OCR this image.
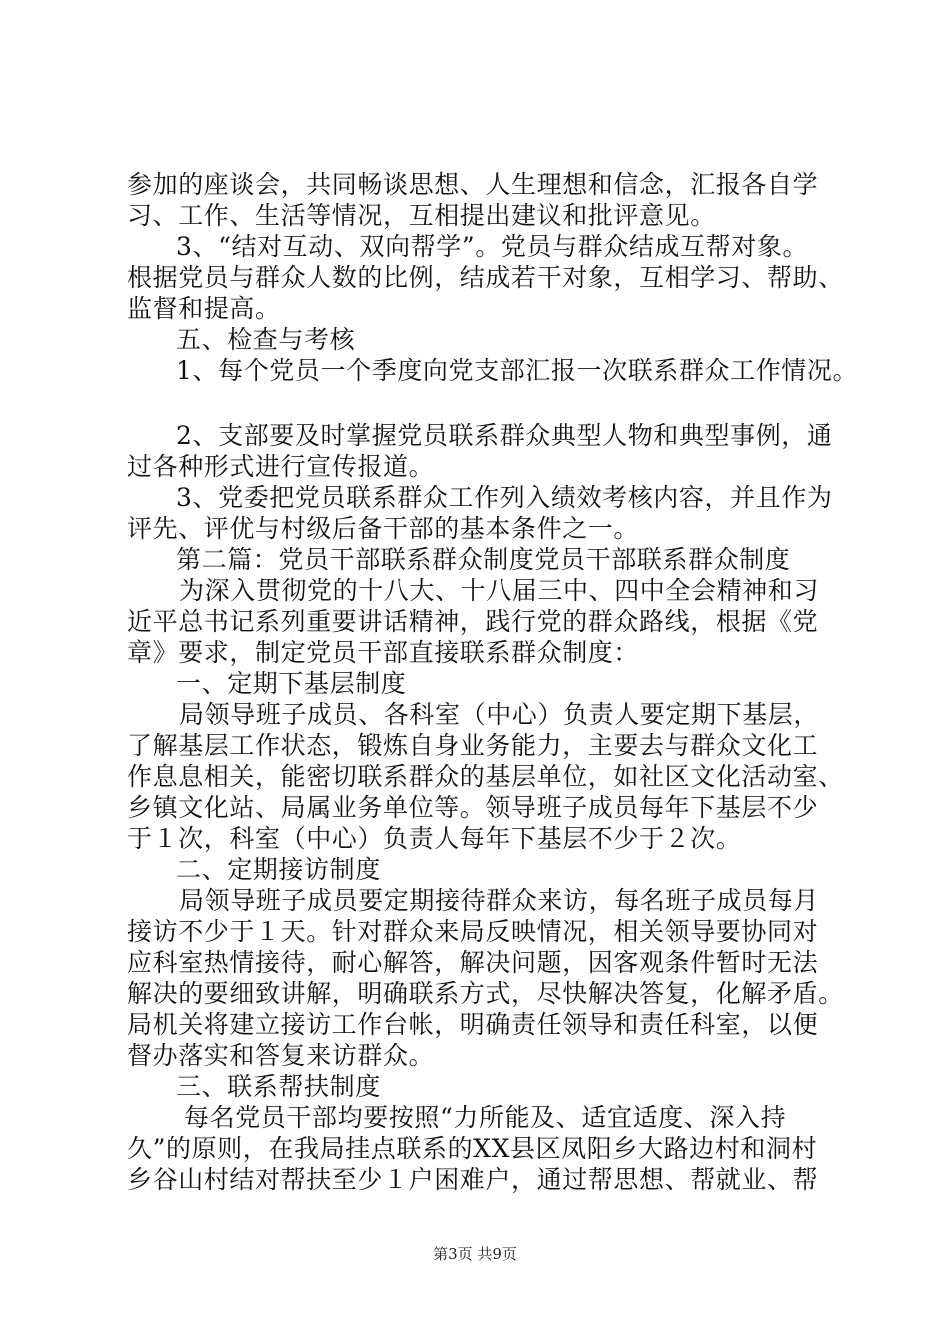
参加的座谈会，共同畅谈思想、人生理想和信念，汇报各自学
习、工作、生活等情况，互相提出建议和批评意见。
3、“结对互动、双向帮学”。党员与群众结成互帮对象。
根据党员与群众人数的比例，结成若干对象，互相学习、帮助、
监督和提高。
五、检查与考核
1、每个党员一个季度向党支部汇报一次联系群众工作情况。
2、支部要及时掌握党员联系群众典型人物和典型事例，通
过各种形式进行宣传报道。
3、党委把党员联系群众工作列入绩效考核内容，并且作为
评先、评优与村级后备干部的基本条件之一。
第二篇：党员干部联系群众制度党员干部联系群众制度
为深入贯彻党的十八大、十八届三中、四中全会精神和习
近平总书记系列重要讲话精神，践行党的群众路线，根据《党
章》要求，制定党员干部直接联系群众制度：
一、定期下基层制度
局领导班子成员、各科室（中心）负责人要定期下基层，
了解基层工作状态，锻炼自身业务能力，主要去与群众文化工
作息息相关，能密切联系群众的基层单位，如社区文化活动室、
乡镇文化站、局属业务单位等。领导班子成员每年下基层不少
于１次，科室（中心）负责人每年下基层不少于２次。
二、定期接访制度
局领导班子成员要定期接待群众来访，每名班子成员每月
接访不少于１天。针对群众来局反映情况，相关领导要协同对
应科室热情接待，耐心解答，解决问题，因客观条件暂时无法
解决的要细致讲解，明确联系方式，尽快解决答复，化解矛盾。
局机关将建立接访工作台帐，明确责任领导和责任科室，以便
督办落实和答复来访群众。
三、联系帮扶制度
每名党员干部均要按照“力所能及、适宜适度、深入持
久”的原则，在我局挂点联系的XX县区凤阳乡大路边村和洞村
乡谷山村结对帮扶至少１户困难户，通过帮思想、帮就业、帮
第3页 共9页
